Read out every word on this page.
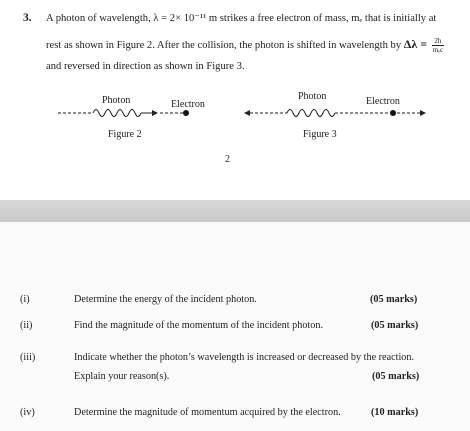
3. A photon of wavelength, λ = 2× 10⁻¹¹ m strikes a free electron of mass, mₑ that is initially at
rest as shown in Figure 2. After the collision, the photon is shifted in wavelength by $\Delta\lambda = \frac{2h}{\text{mₑc}}$
and reversed in direction as shown in Figure 3.
Photon	Electron
Figure 2
Photon	Electron
Figure 3
2
(i)	Determine the energy of the incident photon.	(05 marks)
(ii)	Find the magnitude of the momentum of the incident photon.	(05 marks)
(iii)	Indicate whether the photon’s wavelength is increased or decreased by the reaction.
Explain your reason(s).	(05 marks)
(iv)	Determine the magnitude of momentum acquired by the electron.	(10 marks)
